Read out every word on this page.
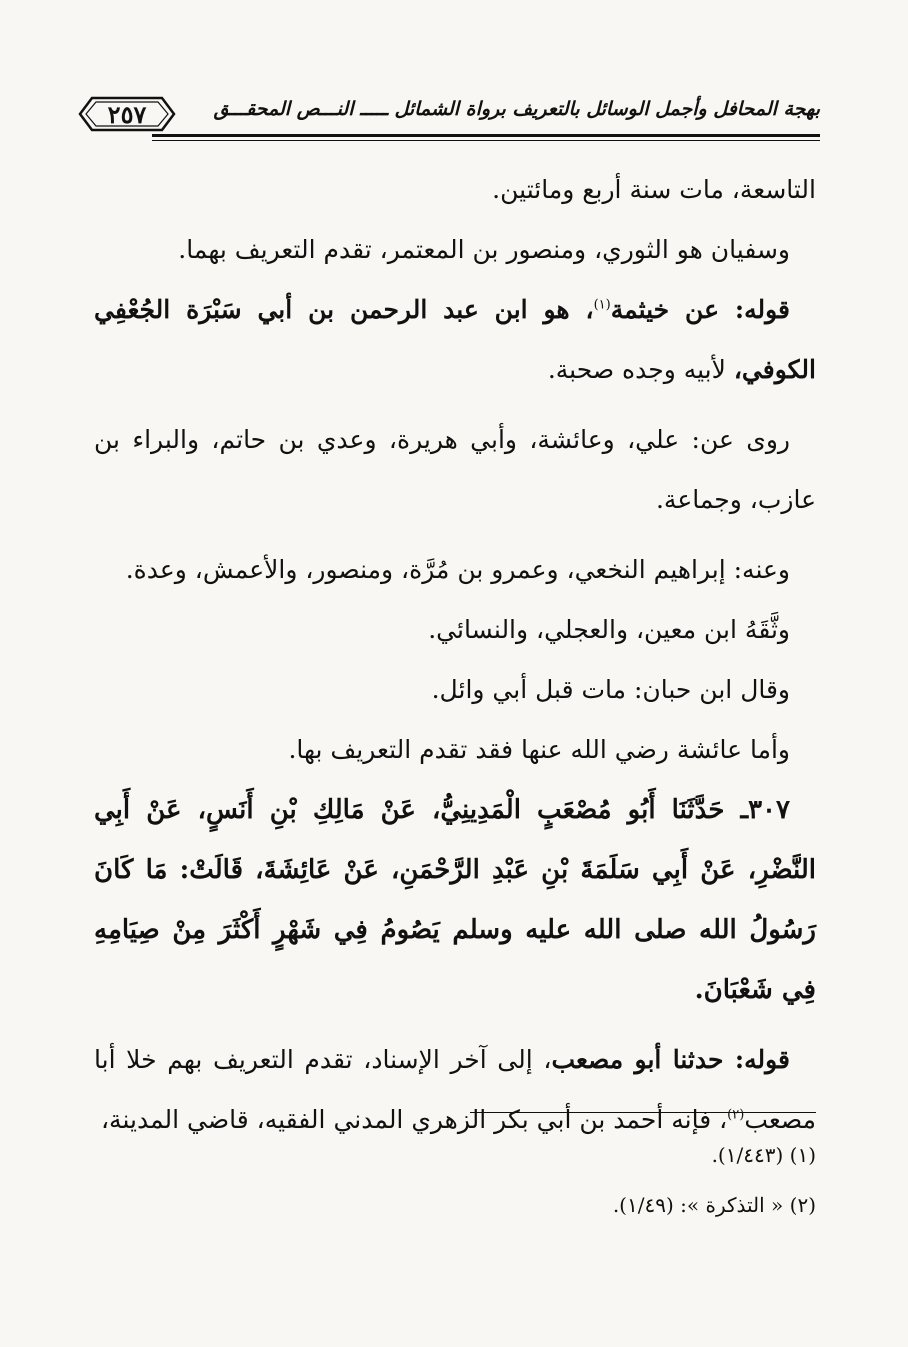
٢٥٧	بهجة المحافل وأجمل الوسائل بالتعريف برواة الشمائل ـــــ النـــص المحقـــق

التاسعة، مات سنة أربع ومائتين.

وسفيان هو الثوري، ومنصور بن المعتمر، تقدم التعريف بهما.

قوله: عن خيثمة$^{(١)}$، هو ابن عبد الرحمن بن أبي سَبْرَة الجُعْفِي الكوفي، لأبيه وجده صحبة.

روى عن: علي، وعائشة، وأبي هريرة، وعدي بن حاتم، والبراء بن عازب، وجماعة.

وعنه: إبراهيم النخعي، وعمرو بن مُرَّة، ومنصور، والأعمش، وعدة.

وثَّقَهُ ابن معين، والعجلي، والنسائي.

وقال ابن حبان: مات قبل أبي وائل.

وأما عائشة رضي الله عنها فقد تقدم التعريف بها.

٣٠٧ـ حَدَّثَنَا أَبُو مُصْعَبٍ الْمَدِينِيُّ، عَنْ مَالِكِ بْنِ أَنَسٍ، عَنْ أَبِي النَّضْرِ، عَنْ أَبِي سَلَمَةَ بْنِ عَبْدِ الرَّحْمَنِ، عَنْ عَائِشَةَ، قَالَتْ: مَا كَانَ رَسُولُ الله صلى الله عليه وسلم يَصُومُ فِي شَهْرٍ أَكْثَرَ مِنْ صِيَامِهِ فِي شَعْبَانَ.

قوله: حدثنا أبو مصعب، إلى آخر الإسناد، تقدم التعريف بهم خلا أبا مصعب$^{(٢)}$، فإنه أحمد بن أبي بكر الزهري المدني الفقيه، قاضي المدينة،

(١) (١/٤٤٣).

(٢) « التذكرة »: (١/٤٩).
